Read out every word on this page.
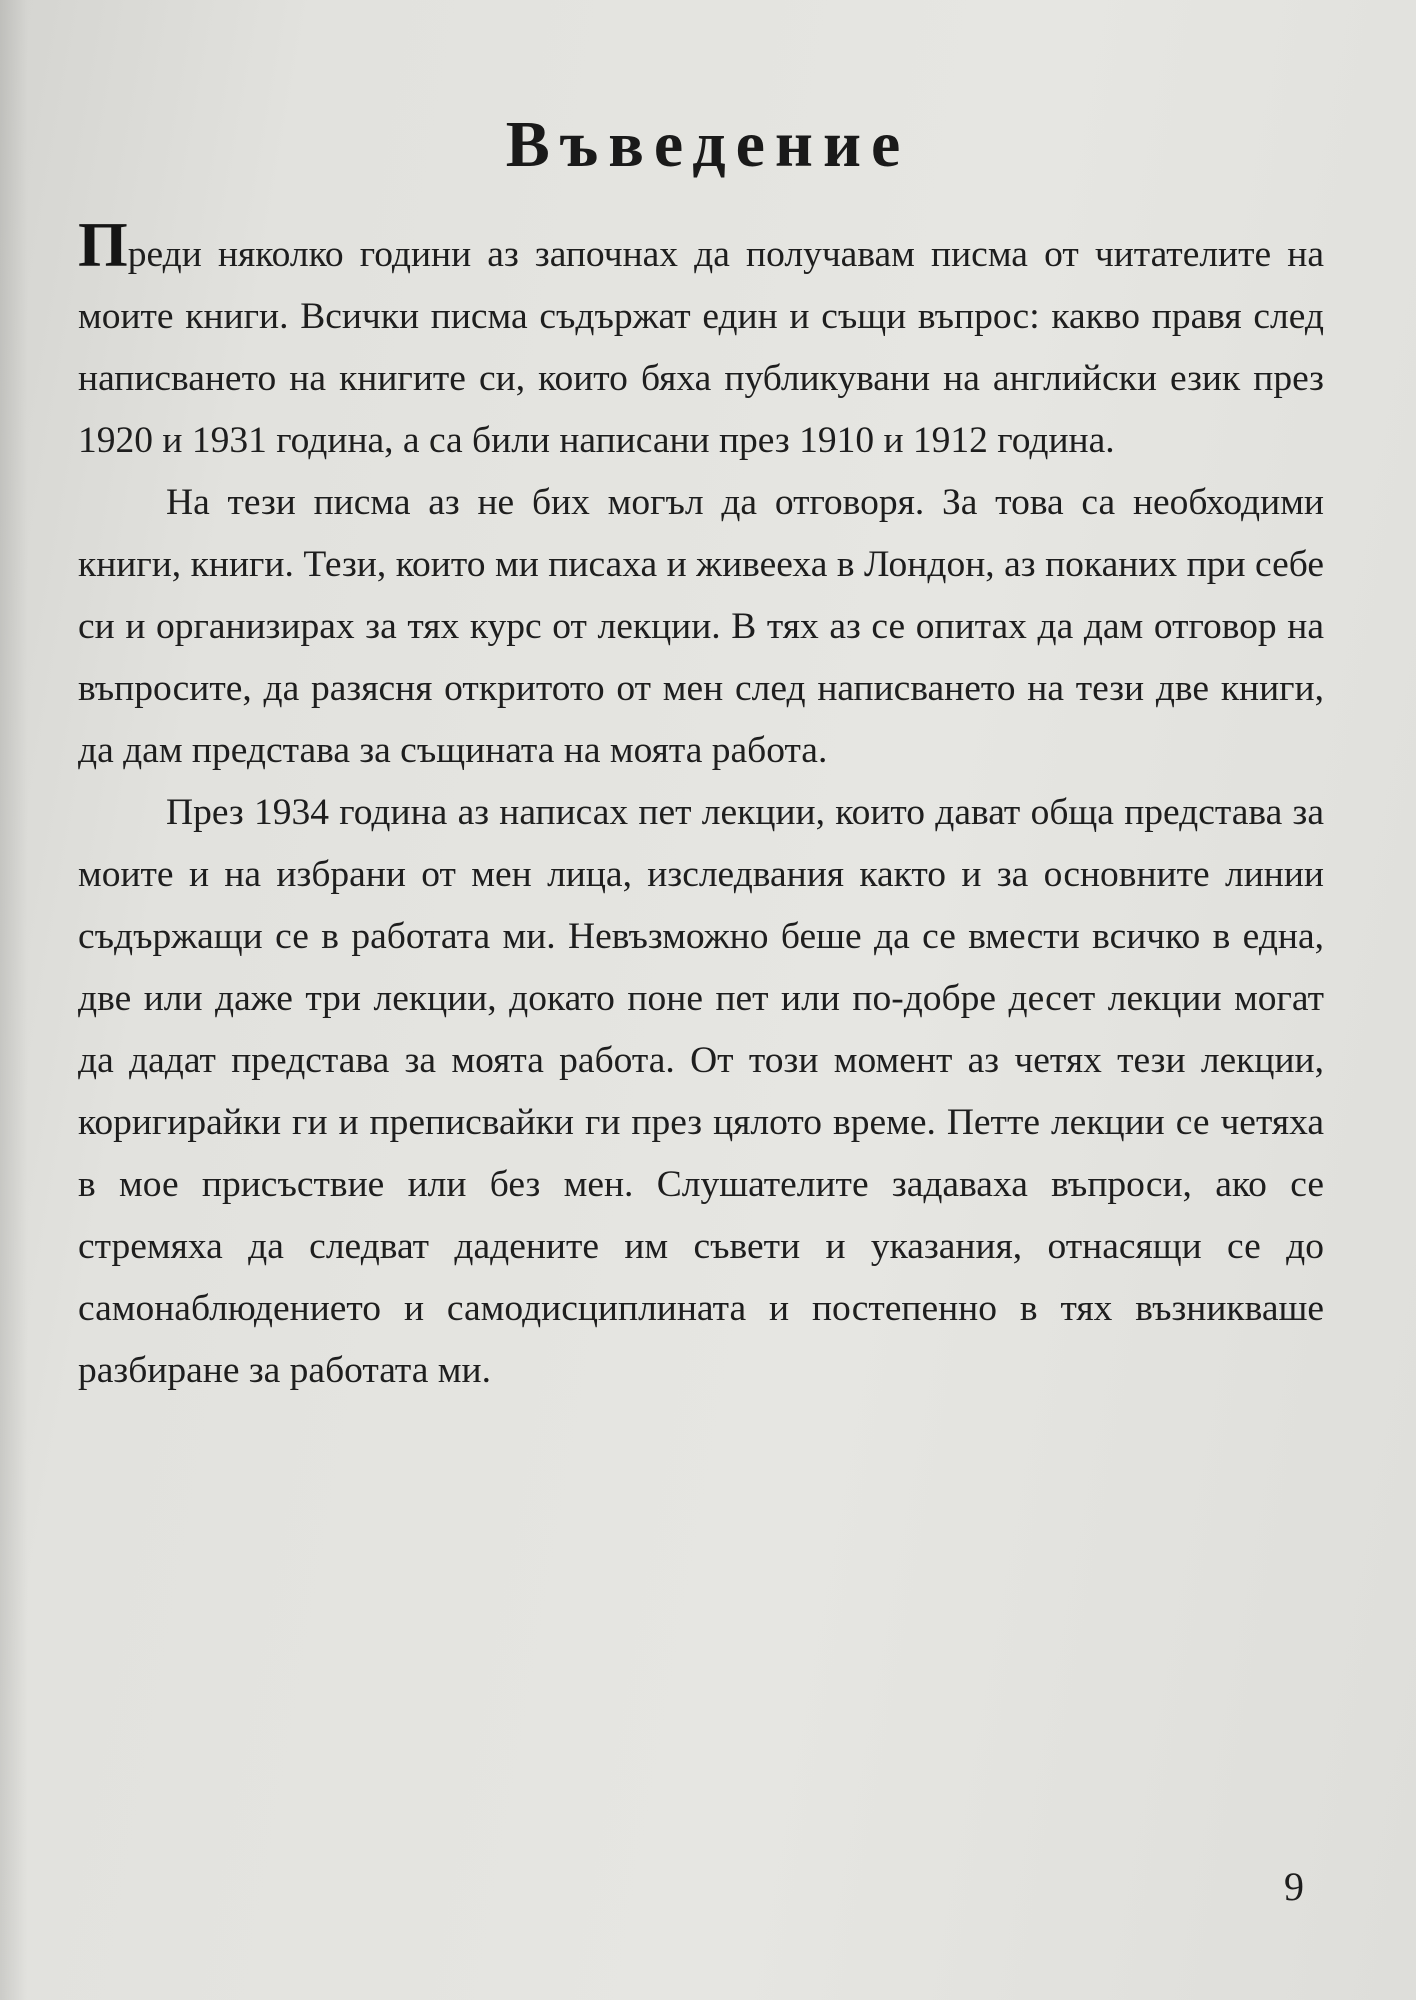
Въведение

Преди няколко години аз започнах да получавам писма от читателите на моите книги. Всички писма съдържат един и същи въпрос: какво правя след написването на книгите си, които бяха публикувани на английски език през 1920 и 1931 година, а са били написани през 1910 и 1912 година.

На тези писма аз не бих могъл да отговоря. За това са необходими книги, книги. Тези, които ми писаха и живееха в Лондон, аз поканих при себе си и организирах за тях курс от лекции. В тях аз се опитах да дам отговор на въпросите, да разясня откритото от мен след написването на тези две книги, да дам представа за същината на моята работа.

През 1934 година аз написах пет лекции, които дават обща представа за моите и на избрани от мен лица, изследвания както и за основните линии съдържащи се в работата ми. Невъзможно беше да се вмести всичко в една, две или даже три лекции, докато поне пет или по-добре десет лекции могат да дадат представа за моята работа. От този момент аз четях тези лекции, коригирайки ги и преписвайки ги през цялото време. Петте лекции се четяха в мое присъствие или без мен. Слушателите задаваха въпроси, ако се стремяха да следват дадените им съвети и указания, отнасящи се до самонаблюдението и самодисциплината и постепенно в тях възникваше разбиране за работата ми.

9
